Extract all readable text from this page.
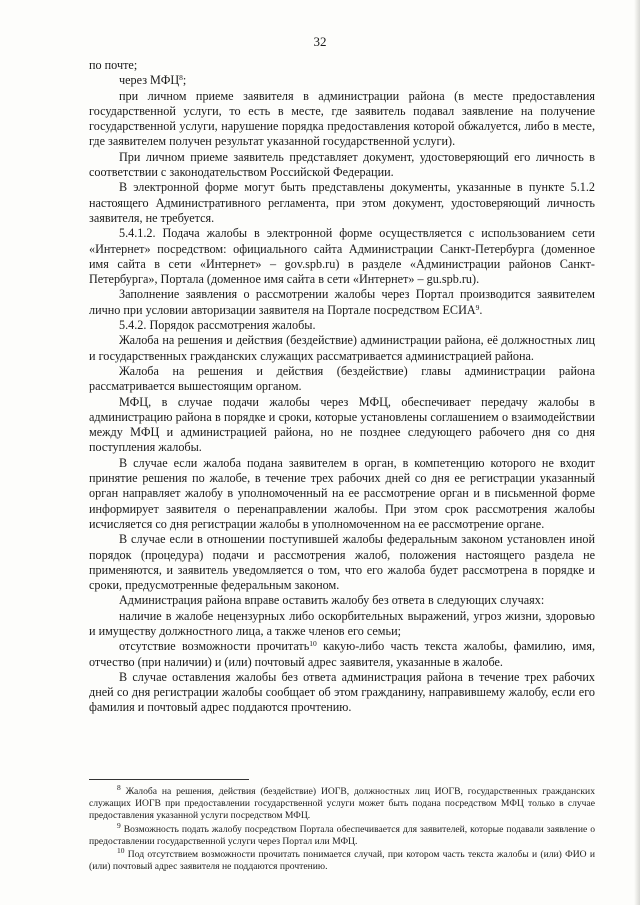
32

по почте;

через МФЦ$^8$;

при личном приеме заявителя в администрации района (в месте предоставления государственной услуги, то есть в месте, где заявитель подавал заявление на получение государственной услуги, нарушение порядка предоставления которой обжалуется, либо в месте, где заявителем получен результат указанной государственной услуги).

При личном приеме заявитель представляет документ, удостоверяющий его личность в соответствии с законодательством Российской Федерации.

В электронной форме могут быть представлены документы, указанные в пункте 5.1.2 настоящего Административного регламента, при этом документ, удостоверяющий личность заявителя, не требуется.

5.4.1.2. Подача жалобы в электронной форме осуществляется с использованием сети «Интернет» посредством: официального сайта Администрации Санкт-Петербурга (доменное имя сайта в сети «Интернет» – gov.spb.ru) в разделе «Администрации районов Санкт-Петербурга», Портала (доменное имя сайта в сети «Интернет» – gu.spb.ru).

Заполнение заявления о рассмотрении жалобы через Портал производится заявителем лично при условии авторизации заявителя на Портале посредством ЕСИА$^9$.

5.4.2. Порядок рассмотрения жалобы.

Жалоба на решения и действия (бездействие) администрации района, её должностных лиц и государственных гражданских служащих рассматривается администрацией района.

Жалоба на решения и действия (бездействие) главы администрации района рассматривается вышестоящим органом.

МФЦ, в случае подачи жалобы через МФЦ, обеспечивает передачу жалобы в администрацию района в порядке и сроки, которые установлены соглашением о взаимодействии между МФЦ и администрацией района, но не позднее следующего рабочего дня со дня поступления жалобы.

В случае если жалоба подана заявителем в орган, в компетенцию которого не входит принятие решения по жалобе, в течение трех рабочих дней со дня ее регистрации указанный орган направляет жалобу в уполномоченный на ее рассмотрение орган и в письменной форме информирует заявителя о перенаправлении жалобы. При этом срок рассмотрения жалобы исчисляется со дня регистрации жалобы в уполномоченном на ее рассмотрение органе.

В случае если в отношении поступившей жалобы федеральным законом установлен иной порядок (процедура) подачи и рассмотрения жалоб, положения настоящего раздела не применяются, и заявитель уведомляется о том, что его жалоба будет рассмотрена в порядке и сроки, предусмотренные федеральным законом.

Администрация района вправе оставить жалобу без ответа в следующих случаях:

наличие в жалобе нецензурных либо оскорбительных выражений, угроз жизни, здоровью и имуществу должностного лица, а также членов его семьи;

отсутствие возможности прочитать$^{10}$ какую-либо часть текста жалобы, фамилию, имя, отчество (при наличии) и (или) почтовый адрес заявителя, указанные в жалобе.

В случае оставления жалобы без ответа администрация района в течение трех рабочих дней со дня регистрации жалобы сообщает об этом гражданину, направившему жалобу, если его фамилия и почтовый адрес поддаются прочтению.

$^8$ Жалоба на решения, действия (бездействие) ИОГВ, должностных лиц ИОГВ, государственных гражданских служащих ИОГВ при предоставлении государственной услуги может быть подана посредством МФЦ только в случае предоставления указанной услуги посредством МФЦ.

$^9$ Возможность подать жалобу посредством Портала обеспечивается для заявителей, которые подавали заявление о предоставлении государственной услуги через Портал или МФЦ.

$^{10}$ Под отсутствием возможности прочитать понимается случай, при котором часть текста жалобы и (или) ФИО и (или) почтовый адрес заявителя не поддаются прочтению.
